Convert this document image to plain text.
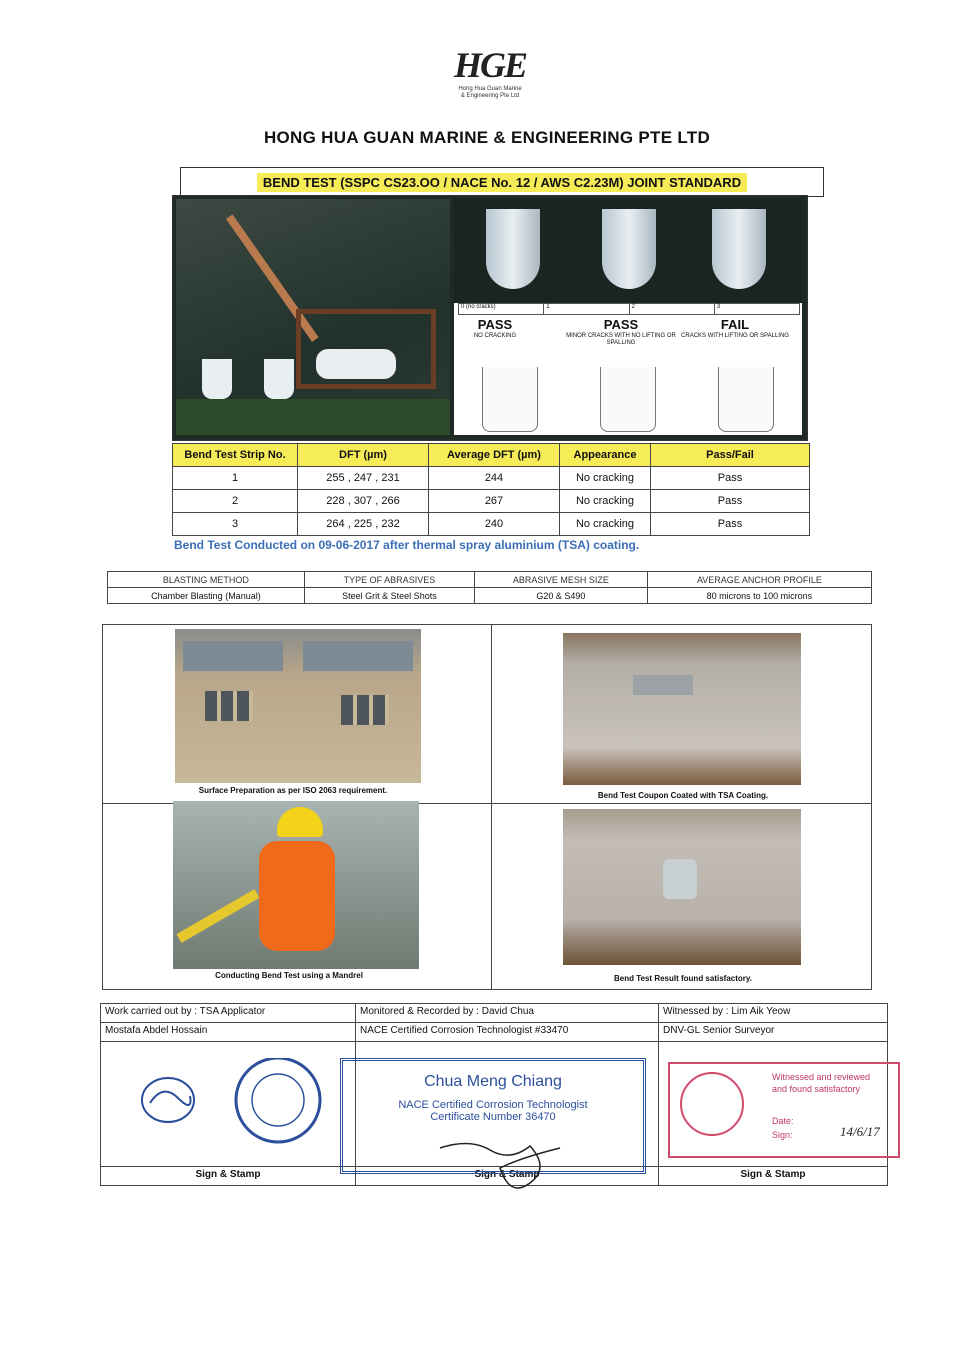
HGE
Hong Hua Guan Marine
& Engineering Pte Ltd
HONG HUA GUAN MARINE & ENGINEERING PTE LTD
BEND TEST (SSPC CS23.OO / NACE No. 12 / AWS C2.23M) JOINT STANDARD
0 (no cracks)	1	2	3
PASS
NO CRACKING
PASS
MINOR CRACKS WITH NO LIFTING OR SPALLING
FAIL
CRACKS WITH LIFTING OR SPALLING
Bend Test Strip No.	DFT (µm)	Average DFT (µm)	Appearance	Pass/Fail
1	255 , 247 , 231	244	No cracking	Pass
2	228 , 307 , 266	267	No cracking	Pass
3	264 , 225 , 232	240	No cracking	Pass
Bend Test Conducted on 09-06-2017 after thermal spray aluminium (TSA) coating.
BLASTING METHOD	TYPE OF ABRASIVES	ABRASIVE MESH SIZE	AVERAGE ANCHOR PROFILE
Chamber Blasting (Manual)	Steel Grit & Steel Shots	G20 & S490	80 microns to 100 microns
Surface Preparation as per ISO 2063 requirement.
Bend Test Coupon Coated with TSA Coating.
Conducting Bend Test using a Mandrel	Bend Test Result found satisfactory.
Work carried out by : TSA Applicator	Monitored & Recorded by : David Chua	Witnessed by : Lim Aik Yeow
Mostafa Abdel Hossain	NACE Certified Corrosion Technologist #33470	DNV-GL Senior Surveyor

Sign & Stamp	Sign & Stamp	Sign & Stamp
Chua Meng Chiang
NACE Certified Corrosion Technologist
Certificate Number 36470
Witnessed and reviewed
and found satisfactory
Date:
Sign:	14/6/17
